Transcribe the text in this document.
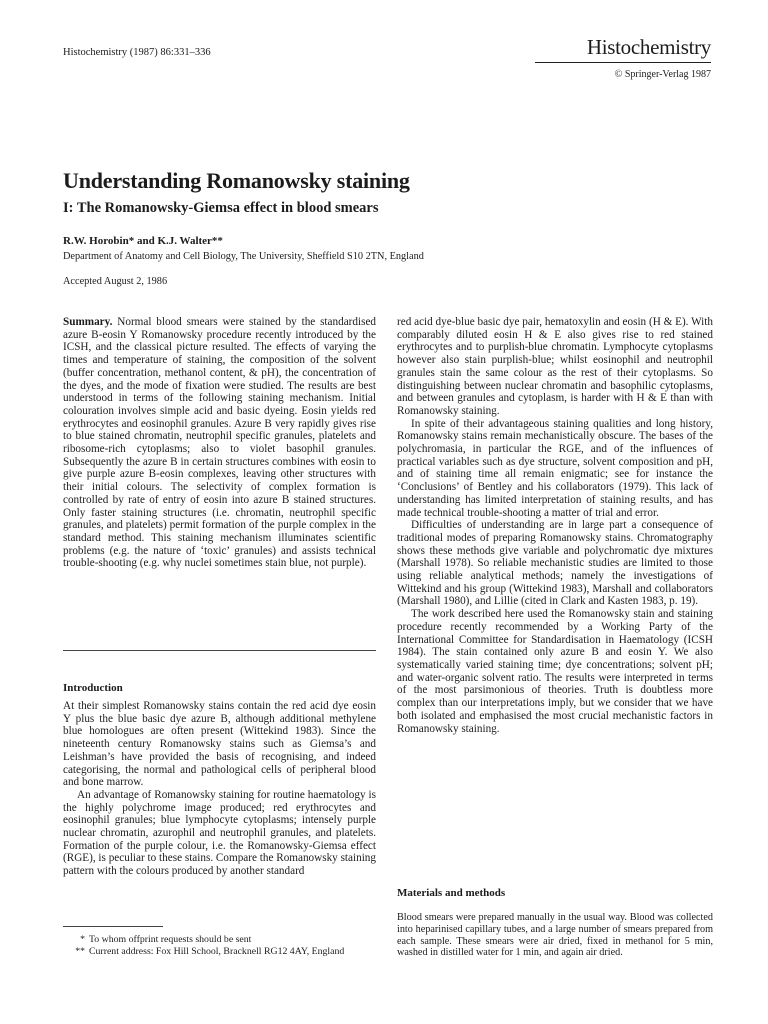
Histochemistry (1987) 86:331–336	Histochemistry
© Springer-Verlag 1987
Understanding Romanowsky staining
I: The Romanowsky-Giemsa effect in blood smears
R.W. Horobin* and K.J. Walter**
Department of Anatomy and Cell Biology, The University, Sheffield S10 2TN, England
Accepted August 2, 1986

Summary. Normal blood smears were stained by the standardised azure B-eosin Y Romanowsky procedure recently introduced by the ICSH, and the classical picture resulted. The effects of varying the times and temperature of staining, the composition of the solvent (buffer concentration, methanol content, & pH), the concentration of the dyes, and the mode of fixation were studied. The results are best understood in terms of the following staining mechanism. Initial colouration involves simple acid and basic dyeing. Eosin yields red erythrocytes and eosinophil granules. Azure B very rapidly gives rise to blue stained chromatin, neutrophil specific granules, platelets and ribosome-rich cytoplasms; also to violet basophil granules. Subsequently the azure B in certain structures combines with eosin to give purple azure B-eosin complexes, leaving other structures with their initial colours. The selectivity of complex formation is controlled by rate of entry of eosin into azure B stained structures. Only faster staining structures (i.e. chromatin, neutrophil specific granules, and platelets) permit formation of the purple complex in the standard method. This staining mechanism illuminates scientific problems (e.g. the nature of ‘toxic’ granules) and assists technical trouble-shooting (e.g. why nuclei sometimes stain blue, not purple).

Introduction

At their simplest Romanowsky stains contain the red acid dye eosin Y plus the blue basic dye azure B, although additional methylene blue homologues are often present (Wittekind 1983). Since the nineteenth century Romanowsky stains such as Giemsa’s and Leishman’s have provided the basis of recognising, and indeed categorising, the normal and pathological cells of peripheral blood and bone marrow.

An advantage of Romanowsky staining for routine haematology is the highly polychrome image produced; red erythrocytes and eosinophil granules; blue lymphocyte cytoplasms; intensely purple nuclear chromatin, azurophil and neutrophil granules, and platelets. Formation of the purple colour, i.e. the Romanowsky-Giemsa effect (RGE), is peculiar to these stains. Compare the Romanowsky staining pattern with the colours produced by another standard

* To whom offprint requests should be sent
** Current address: Fox Hill School, Bracknell RG12 4AY, England

red acid dye-blue basic dye pair, hematoxylin and eosin (H & E). With comparably diluted eosin H & E also gives rise to red stained erythrocytes and to purplish-blue chromatin. Lymphocyte cytoplasms however also stain purplish-blue; whilst eosinophil and neutrophil granules stain the same colour as the rest of their cytoplasms. So distinguishing between nuclear chromatin and basophilic cytoplasms, and between granules and cytoplasm, is harder with H & E than with Romanowsky staining.

In spite of their advantageous staining qualities and long history, Romanowsky stains remain mechanistically obscure. The bases of the polychromasia, in particular the RGE, and of the influences of practical variables such as dye structure, solvent composition and pH, and of staining time all remain enigmatic; see for instance the ‘Conclusions’ of Bentley and his collaborators (1979). This lack of understanding has limited interpretation of staining results, and has made technical trouble-shooting a matter of trial and error.

Difficulties of understanding are in large part a consequence of traditional modes of preparing Romanowsky stains. Chromatography shows these methods give variable and polychromatic dye mixtures (Marshall 1978). So reliable mechanistic studies are limited to those using reliable analytical methods; namely the investigations of Wittekind and his group (Wittekind 1983), Marshall and collaborators (Marshall 1980), and Lillie (cited in Clark and Kasten 1983, p. 19).

The work described here used the Romanowsky stain and staining procedure recently recommended by a Working Party of the International Committee for Standardisation in Haematology (ICSH 1984). The stain contained only azure B and eosin Y. We also systematically varied staining time; dye concentrations; solvent pH; and water-organic solvent ratio. The results were interpreted in terms of the most parsimonious of theories. Truth is doubtless more complex than our interpretations imply, but we consider that we have both isolated and emphasised the most crucial mechanistic factors in Romanowsky staining.

Materials and methods
Blood smears were prepared manually in the usual way. Blood was collected into heparinised capillary tubes, and a large number of smears prepared from each sample. These smears were air dried, fixed in methanol for 5 min, washed in distilled water for 1 min, and again air dried.
